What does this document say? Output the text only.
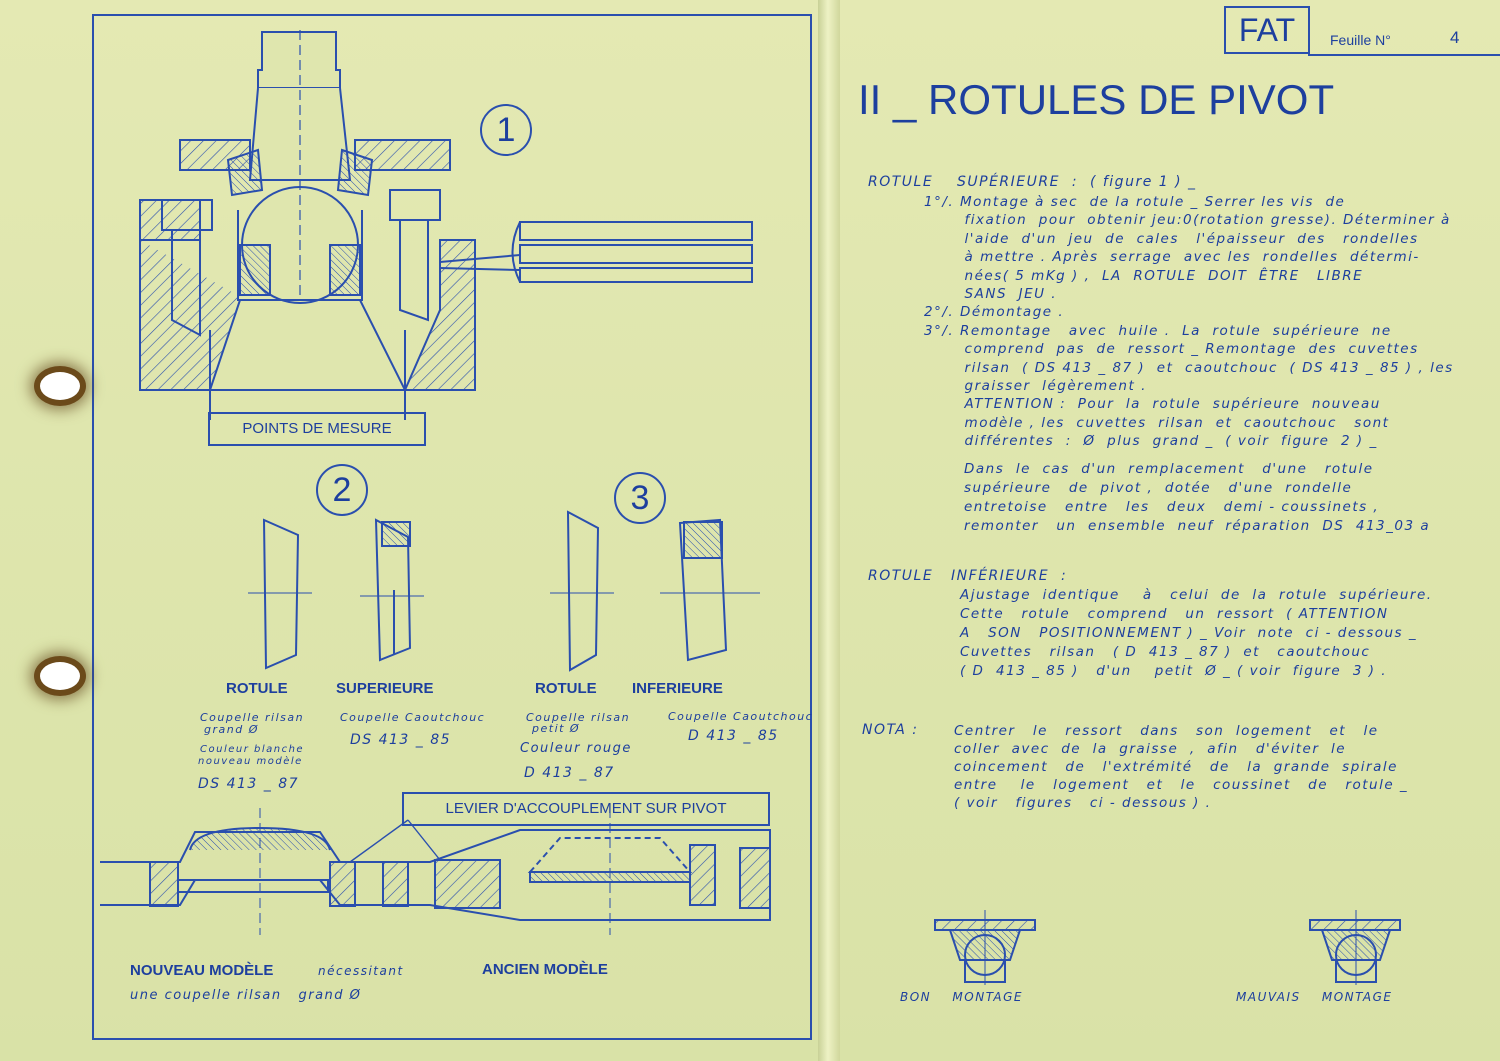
1
2	3
POINTS DE MESURE
ROTULE	SUPERIEURE	ROTULE INFERIEURE
Coupelle rilsan
grand Ø
Couleur blanche
nouveau modèle
DS 413 _ 87
Coupelle Caoutchouc
DS 413 _ 85
Coupelle rilsan
petit Ø
Couleur rouge
D 413 _ 87
Coupelle Caoutchouc
D 413 _ 85
LEVIER D'ACCOUPLEMENT SUR PIVOT
NOUVEAU MODÈLE	nécessitant
une coupelle rilsan   grand Ø
ANCIEN MODÈLE
FAT	Feuille N°	4
II _ ROTULES DE PIVOT
ROTULE    SUPÉRIEURE  :  ( figure 1 ) _
1°/. Montage à sec  de la rotule _ Serrer les vis  de
fixation  pour  obtenir jeu:0(rotation gresse). Déterminer à
l'aide  d'un  jeu  de  cales   l'épaisseur  des   rondelles
à mettre . Après  serrage  avec les  rondelles  détermi-
nées( 5 mKg ) ,  LA  ROTULE  DOIT  ÊTRE   LIBRE
SANS  JEU .
2°/. Démontage .
3°/. Remontage   avec  huile .  La  rotule  supérieure  ne
comprend  pas  de  ressort _ Remontage  des  cuvettes
rilsan  ( DS 413 _ 87 )  et  caoutchouc  ( DS 413 _ 85 ) , les
graisser  légèrement .
ATTENTION :  Pour  la  rotule  supérieure  nouveau
modèle , les  cuvettes  rilsan  et  caoutchouc   sont
différentes  :  Ø  plus  grand _  ( voir  figure  2 ) _
Dans  le  cas  d'un  remplacement   d'une   rotule
supérieure   de  pivot ,  dotée   d'une  rondelle
entretoise   entre   les   deux   demi - coussinets ,
remonter   un  ensemble  neuf  réparation  DS  413_03 a
ROTULE   INFÉRIEURE  :
Ajustage  identique    à   celui  de  la  rotule  supérieure.
Cette   rotule   comprend   un  ressort  ( ATTENTION
A   SON   POSITIONNEMENT ) _ Voir  note  ci - dessous _
Cuvettes   rilsan   ( D  413 _ 87 )  et   caoutchouc
( D  413 _ 85 )   d'un    petit  Ø _ ( voir  figure  3 ) .
NOTA :	Centrer   le   ressort   dans   son  logement   et   le
coller  avec  de  la  graisse  ,  afin   d'éviter  le
coincement   de   l'extrémité   de   la  grande  spirale
entre    le   logement   et   le   coussinet   de   rotule _
( voir   figures   ci - dessous ) .
BON    MONTAGE	MAUVAIS    MONTAGE
